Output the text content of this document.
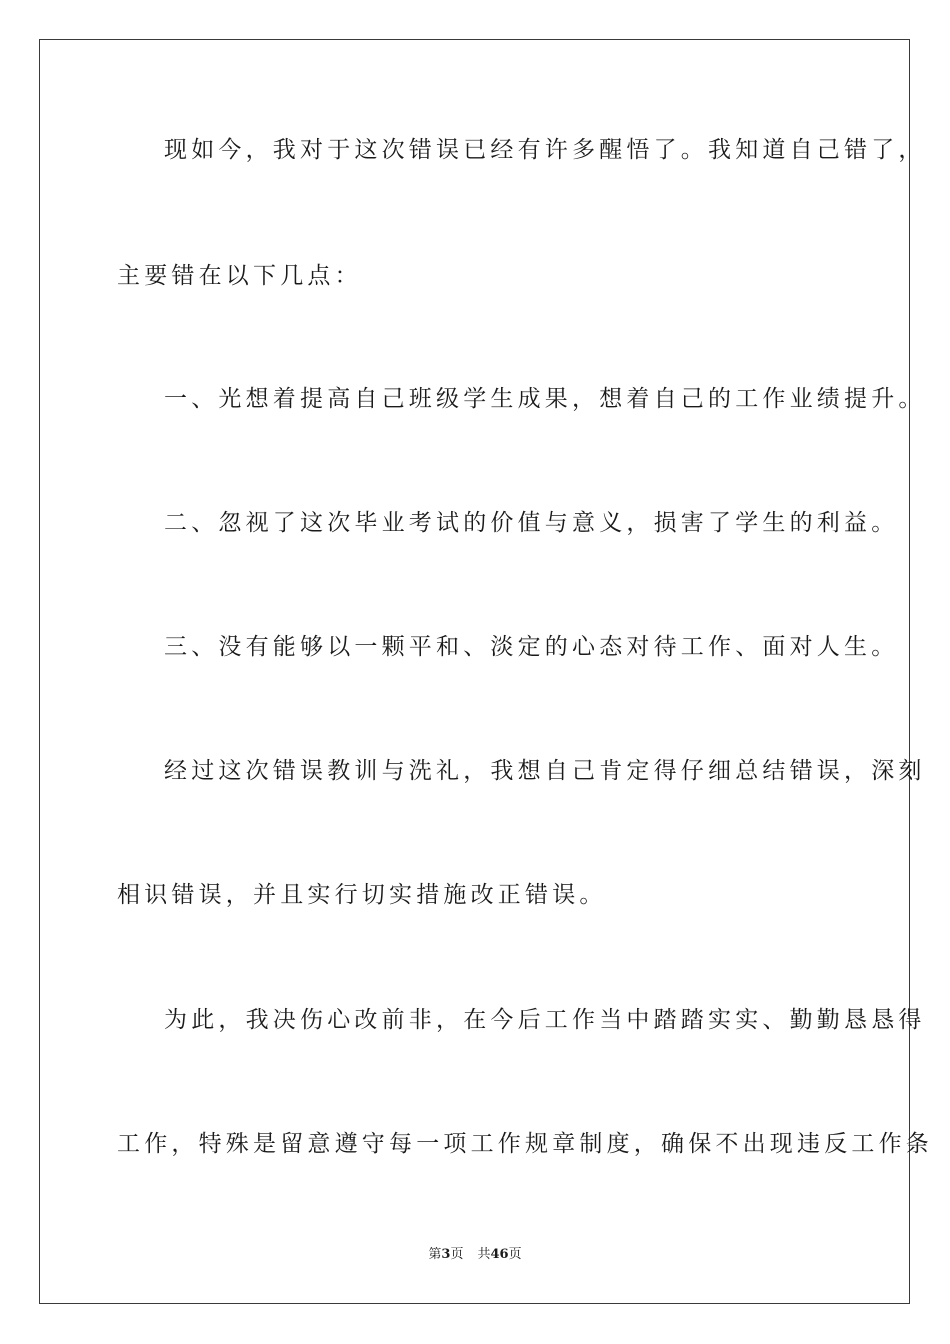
现如今，我对于这次错误已经有许多醒悟了。我知道自己错了，
主要错在以下几点：
一、光想着提高自己班级学生成果，想着自己的工作业绩提升。
二、忽视了这次毕业考试的价值与意义，损害了学生的利益。
三、没有能够以一颗平和、淡定的心态对待工作、面对人生。
经过这次错误教训与洗礼，我想自己肯定得仔细总结错误，深刻
相识错误，并且实行切实措施改正错误。
为此，我决伤心改前非，在今后工作当中踏踏实实、勤勤恳恳得
工作，特殊是留意遵守每一项工作规章制度，确保不出现违反工作条
第3页 共46页
